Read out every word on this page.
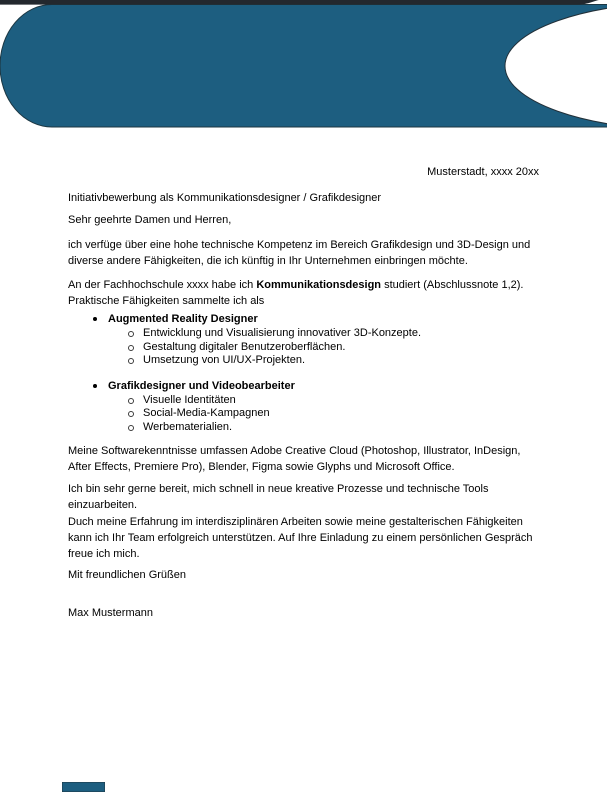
Musterstadt, xxxx 20xx

Initiativbewerbung als Kommunikationsdesigner / Grafikdesigner

Sehr geehrte Damen und Herren,

ich verfüge über eine hohe technische Kompetenz im Bereich Grafikdesign und 3D-Design und diverse andere Fähigkeiten, die ich künftig in Ihr Unternehmen einbringen möchte.

An der Fachhochschule xxxx habe ich Kommunikationsdesign studiert (Abschlussnote 1,2). Praktische Fähigkeiten sammelte ich als

Augmented Reality Designer
Entwicklung und Visualisierung innovativer 3D-Konzepte.
Gestaltung digitaler Benutzeroberflächen.
Umsetzung von UI/UX-Projekten.
Grafikdesigner und Videobearbeiter
Visuelle Identitäten
Social-Media-Kampagnen
Werbematerialien.

Meine Softwarekenntnisse umfassen Adobe Creative Cloud (Photoshop, Illustrator, InDesign, After Effects, Premiere Pro), Blender, Figma sowie Glyphs und Microsoft Office.

Ich bin sehr gerne bereit, mich schnell in neue kreative Prozesse und technische Tools einzuarbeiten.

Duch meine Erfahrung im interdisziplinären Arbeiten sowie meine gestalterischen Fähigkeiten kann ich Ihr Team erfolgreich unterstützen. Auf Ihre Einladung zu einem persönlichen Gespräch freue ich mich.

Mit freundlichen Grüßen

Max Mustermann
